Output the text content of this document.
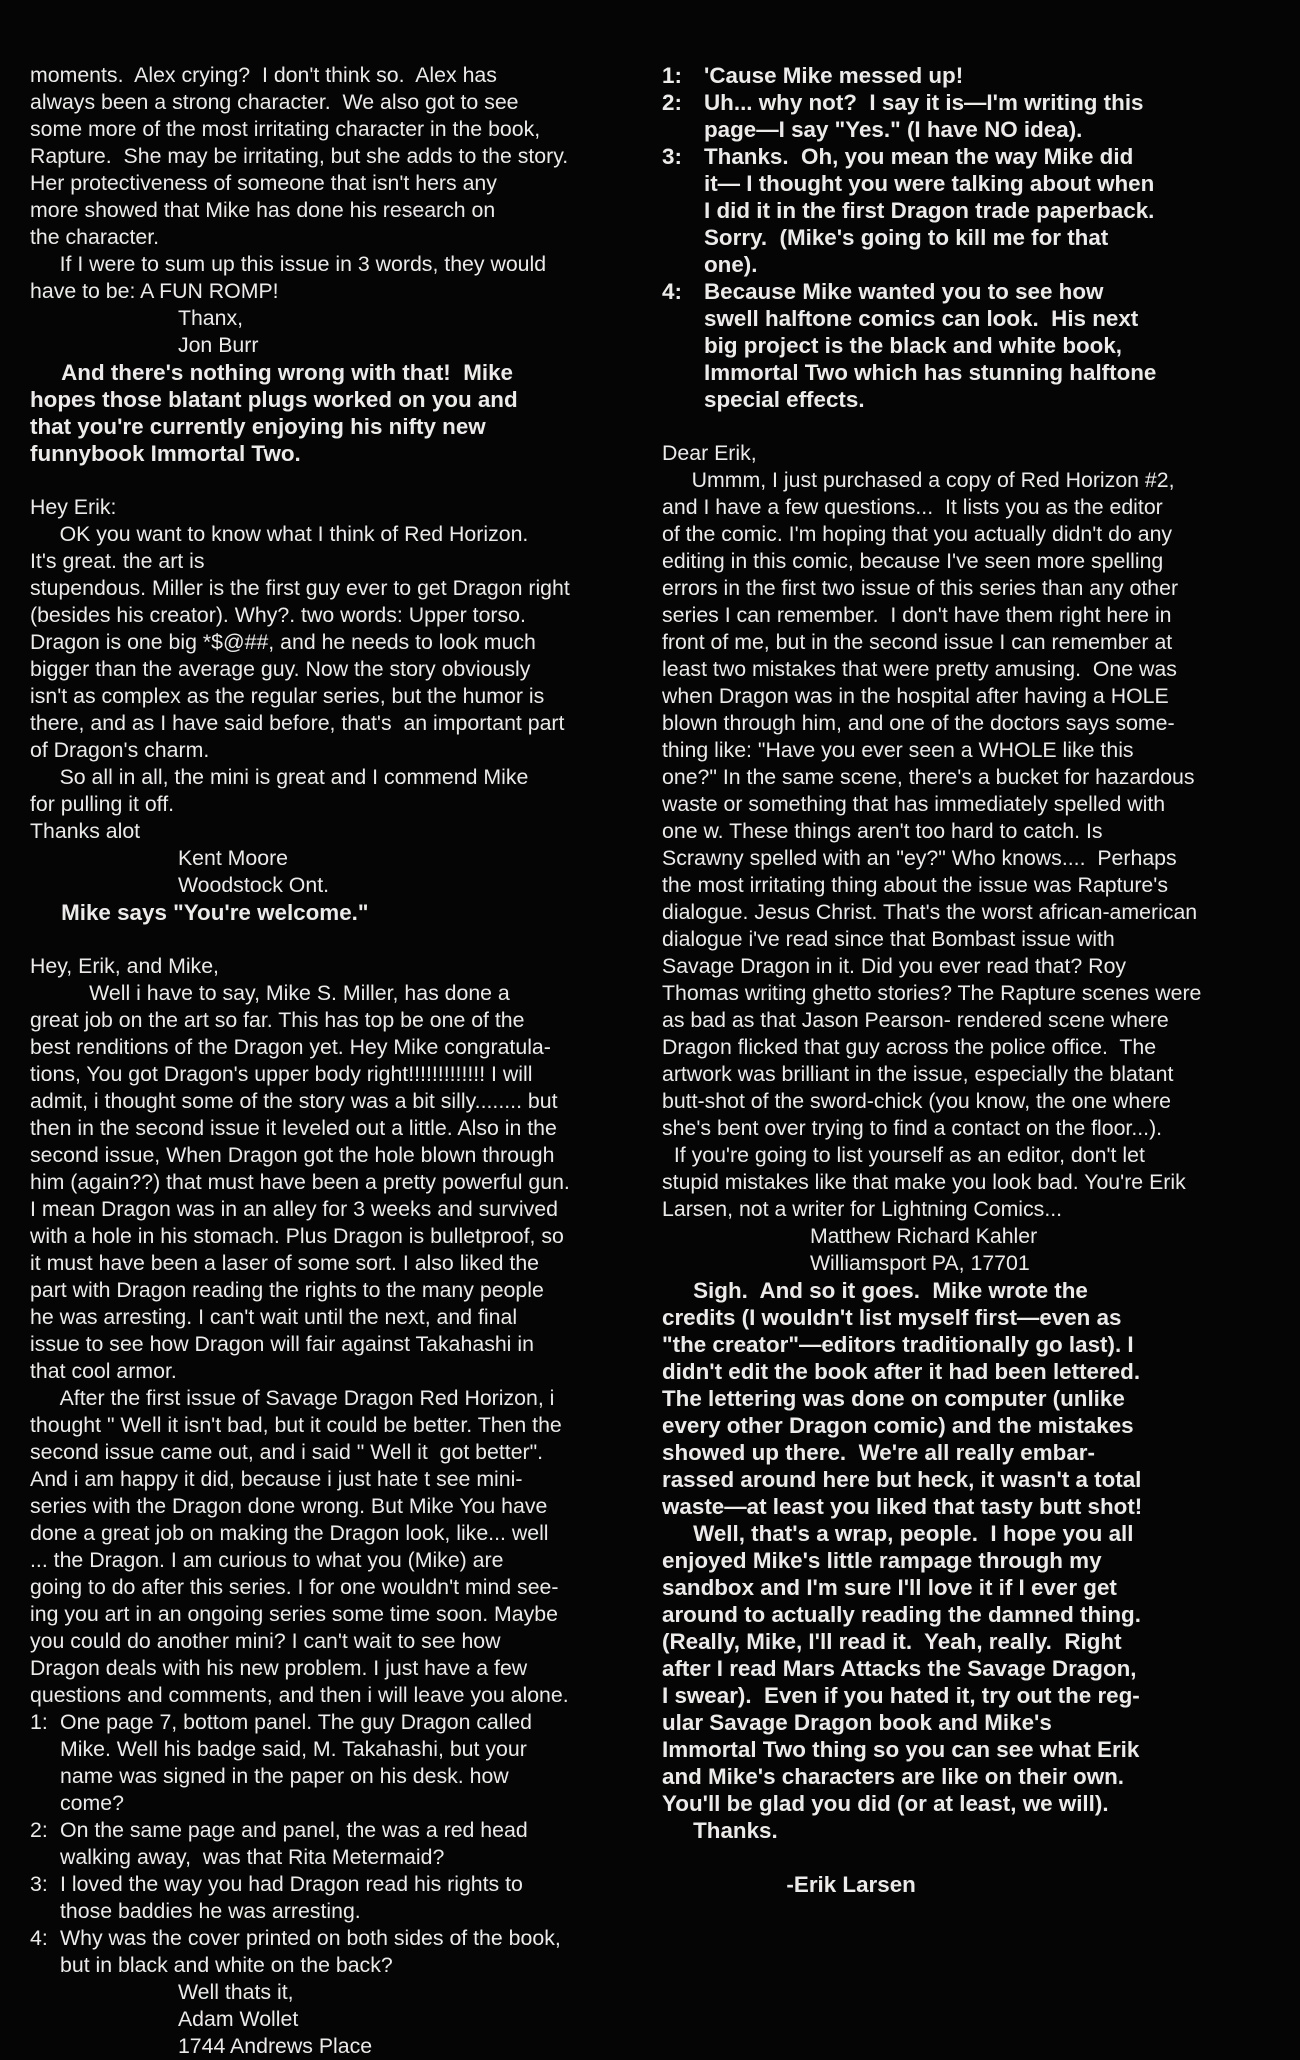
moments.  Alex crying?  I don't think so.  Alex has
always been a strong character.  We also got to see
some more of the most irritating character in the book,
Rapture.  She may be irritating, but she adds to the story.
Her protectiveness of someone that isn't hers any
more showed that Mike has done his research on
the character.
If I were to sum up this issue in 3 words, they would
have to be: A FUN ROMP!
Thanx,
Jon Burr

And there's nothing wrong with that!  Mike
hopes those blatant plugs worked on you and
that you're currently enjoying his nifty new
funnybook Immortal Two.

Hey Erik:
OK you want to know what I think of Red Horizon.
It's great. the art is
stupendous. Miller is the first guy ever to get Dragon right
(besides his creator). Why?. two words: Upper torso.
Dragon is one big *$@##, and he needs to look much
bigger than the average guy. Now the story obviously
isn't as complex as the regular series, but the humor is
there, and as I have said before, that's  an important part
of Dragon's charm.
So all in all, the mini is great and I commend Mike
for pulling it off.
Thanks alot
Kent Moore
Woodstock Ont.

Mike says "You're welcome."

Hey, Erik, and Mike,
Well i have to say, Mike S. Miller, has done a
great job on the art so far. This has top be one of the
best renditions of the Dragon yet. Hey Mike congratula-
tions, You got Dragon's upper body right!!!!!!!!!!!!! I will
admit, i thought some of the story was a bit silly........ but
then in the second issue it leveled out a little. Also in the
second issue, When Dragon got the hole blown through
him (again??) that must have been a pretty powerful gun.
I mean Dragon was in an alley for 3 weeks and survived
with a hole in his stomach. Plus Dragon is bulletproof, so
it must have been a laser of some sort. I also liked the
part with Dragon reading the rights to the many people
he was arresting. I can't wait until the next, and final
issue to see how Dragon will fair against Takahashi in
that cool armor.
After the first issue of Savage Dragon Red Horizon, i
thought " Well it isn't bad, but it could be better. Then the
second issue came out, and i said " Well it  got better".
And i am happy it did, because i just hate t see mini-
series with the Dragon done wrong. But Mike You have
done a great job on making the Dragon look, like... well
... the Dragon. I am curious to what you (Mike) are
going to do after this series. I for one wouldn't mind see-
ing you art in an ongoing series some time soon. Maybe
you could do another mini? I can't wait to see how
Dragon deals with his new problem. I just have a few
questions and comments, and then i will leave you alone.

1: One page 7, bottom panel. The guy Dragon called
Mike. Well his badge said, M. Takahashi, but your
name was signed in the paper on his desk. how
come?
2: On the same page and panel, the was a red head
walking away,  was that Rita Metermaid?
3: I loved the way you had Dragon read his rights to
those baddies he was arresting.
4: Why was the cover printed on both sides of the book,
but in black and white on the back?

Well thats it,
Adam Wollet
1744 Andrews Place

1: 'Cause Mike messed up!
2: Uh... why not?  I say it is—I'm writing this
page—I say "Yes." (I have NO idea).
3: Thanks.  Oh, you mean the way Mike did
it— I thought you were talking about when
I did it in the first Dragon trade paperback.
Sorry.  (Mike's going to kill me for that
one).
4: Because Mike wanted you to see how
swell halftone comics can look.  His next
big project is the black and white book,
Immortal Two which has stunning halftone
special effects.

Dear Erik,
Ummm, I just purchased a copy of Red Horizon #2,
and I have a few questions...  It lists you as the editor
of the comic. I'm hoping that you actually didn't do any
editing in this comic, because I've seen more spelling
errors in the first two issue of this series than any other
series I can remember.  I don't have them right here in
front of me, but in the second issue I can remember at
least two mistakes that were pretty amusing.  One was
when Dragon was in the hospital after having a HOLE
blown through him, and one of the doctors says some-
thing like: "Have you ever seen a WHOLE like this
one?" In the same scene, there's a bucket for hazardous
waste or something that has immediately spelled with
one w. These things aren't too hard to catch. Is
Scrawny spelled with an "ey?" Who knows....  Perhaps
the most irritating thing about the issue was Rapture's
dialogue. Jesus Christ. That's the worst african-american
dialogue i've read since that Bombast issue with
Savage Dragon in it. Did you ever read that? Roy
Thomas writing ghetto stories? The Rapture scenes were
as bad as that Jason Pearson- rendered scene where
Dragon flicked that guy across the police office.  The
artwork was brilliant in the issue, especially the blatant
butt-shot of the sword-chick (you know, the one where
she's bent over trying to find a contact on the floor...).
If you're going to list yourself as an editor, don't let
stupid mistakes like that make you look bad. You're Erik
Larsen, not a writer for Lightning Comics...
Matthew Richard Kahler
Williamsport PA, 17701

Sigh.  And so it goes.  Mike wrote the
credits (I wouldn't list myself first—even as
"the creator"—editors traditionally go last). I
didn't edit the book after it had been lettered.
The lettering was done on computer (unlike
every other Dragon comic) and the mistakes
showed up there.  We're all really embar-
rassed around here but heck, it wasn't a total
waste—at least you liked that tasty butt shot!
Well, that's a wrap, people.  I hope you all
enjoyed Mike's little rampage through my
sandbox and I'm sure I'll love it if I ever get
around to actually reading the damned thing.
(Really, Mike, I'll read it.  Yeah, really.  Right
after I read Mars Attacks the Savage Dragon,
I swear).  Even if you hated it, try out the reg-
ular Savage Dragon book and Mike's
Immortal Two thing so you can see what Erik
and Mike's characters are like on their own.
You'll be glad you did (or at least, we will).
Thanks.

-Erik Larsen
